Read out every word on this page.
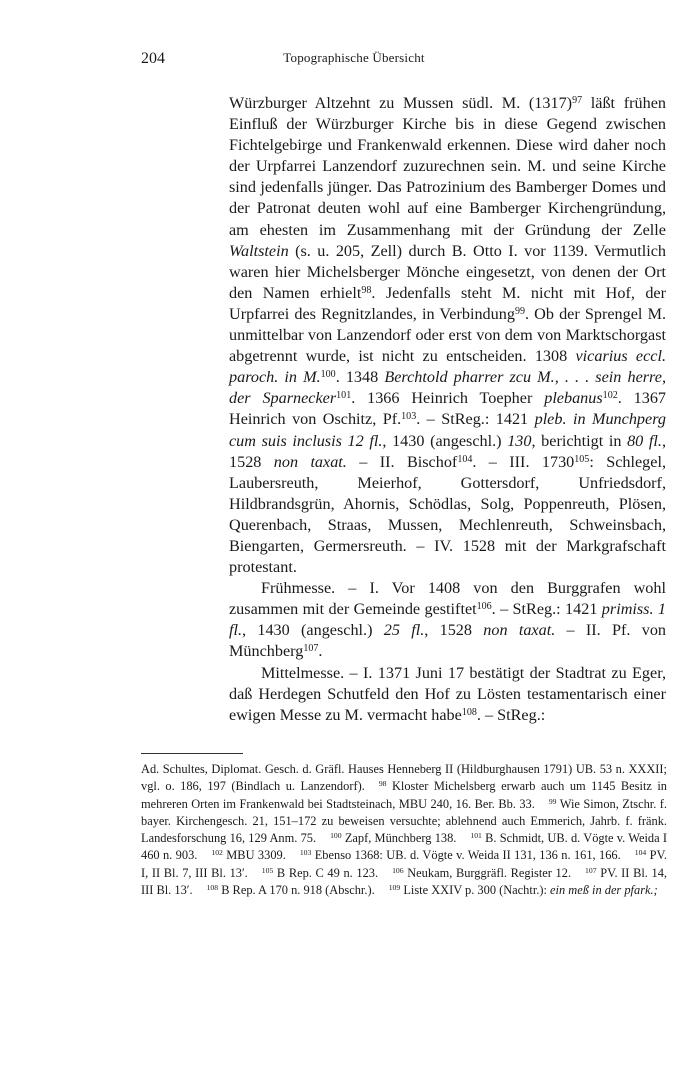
204	Topographische Übersicht

Würzburger Altzehnt zu Mussen südl. M. $(1317)^{97}$ läßt frühen Einfluß der Würzburger Kirche bis in diese Gegend zwischen Fichtelgebirge und Frankenwald erkennen. Diese wird daher noch der Urpfarrei Lanzendorf zuzurechnen sein. M. und seine Kirche sind jedenfalls jünger. Das Patrozinium des Bamberger Domes und der Patronat deuten wohl auf eine Bamberger Kirchengründung, am ehesten im Zusammenhang mit der Gründung der Zelle Waltstein (s. u. 205, Zell) durch B. Otto I. vor 1139. Vermutlich waren hier Michelsberger Mönche eingesetzt, von denen der Ort den Namen erhielt$^{98}$. Jedenfalls steht M. nicht mit Hof, der Urpfarrei des Regnitzlandes, in Verbindung$^{99}$. Ob der Sprengel M. unmittelbar von Lanzendorf oder erst von dem von Marktschorgast abgetrennt wurde, ist nicht zu entscheiden. 1308 vicarius eccl. paroch. in M.$^{100}$. 1348 Berchtold pharrer zcu M., . . . sein herre, der Sparnecker$^{101}$. 1366 Heinrich Toepher plebanus$^{102}$. 1367 Heinrich von Oschitz, Pf.$^{103}$. – StReg.: 1421 pleb. in Munchperg cum suis inclusis 12 fl., 1430 (angeschl.) 130, berichtigt in 80 fl., 1528 non taxat. – II. Bischof$^{104}$. – III. 1730$^{105}$: Schlegel, Laubersreuth, Meierhof, Gottersdorf, Unfriedsdorf, Hildbrandsgrün, Ahornis, Schödlas, Solg, Poppenreuth, Plösen, Querenbach, Straas, Mussen, Mechlenreuth, Schweinsbach, Biengarten, Germersreuth. – IV. 1528 mit der Markgrafschaft protestant.

Frühmesse. – I. Vor 1408 von den Burggrafen wohl zusammen mit der Gemeinde gestiftet$^{106}$. – StReg.: 1421 primiss. 1 fl., 1430 (angeschl.) 25 fl., 1528 non taxat. – II. Pf. von Münchberg$^{107}$.

Mittelmesse. – I. 1371 Juni 17 bestätigt der Stadtrat zu Eger, daß Herdegen Schutfeld den Hof zu Lösten testamentarisch einer ewigen Messe zu M. vermacht habe$^{108}$. – StReg.:

Ad. Schultes, Diplomat. Gesch. d. Gräfl. Hauses Henneberg II (Hildburghausen 1791) UB. 53 n. XXXII; vgl. o. 186, 197 (Bindlach u. Lanzendorf). $^{98}$ Kloster Michelsberg erwarb auch um 1145 Besitz in mehreren Orten im Frankenwald bei Stadtsteinach, MBU 240, 16. Ber. Bb. 33. $^{99}$ Wie Simon, Ztschr. f. bayer. Kirchengesch. 21, 151–172 zu beweisen versuchte; ablehnend auch Emmerich, Jahrb. f. fränk. Landesforschung 16, 129 Anm. 75. $^{100}$ Zapf, Münchberg 138. $^{101}$ B. Schmidt, UB. d. Vögte v. Weida I 460 n. 903. $^{102}$ MBU 3309. $^{103}$ Ebenso 1368: UB. d. Vögte v. Weida II 131, 136 n. 161, 166. $^{104}$ PV. I, II Bl. 7, III Bl. 13′. $^{105}$ B Rep. C 49 n. 123. $^{106}$ Neukam, Burggräfl. Register 12. $^{107}$ PV. II Bl. 14, III Bl. 13′. $^{108}$ B Rep. A 170 n. 918 (Abschr.). $^{109}$ Liste XXIV p. 300 (Nachtr.): ein meß in der pfark.;
